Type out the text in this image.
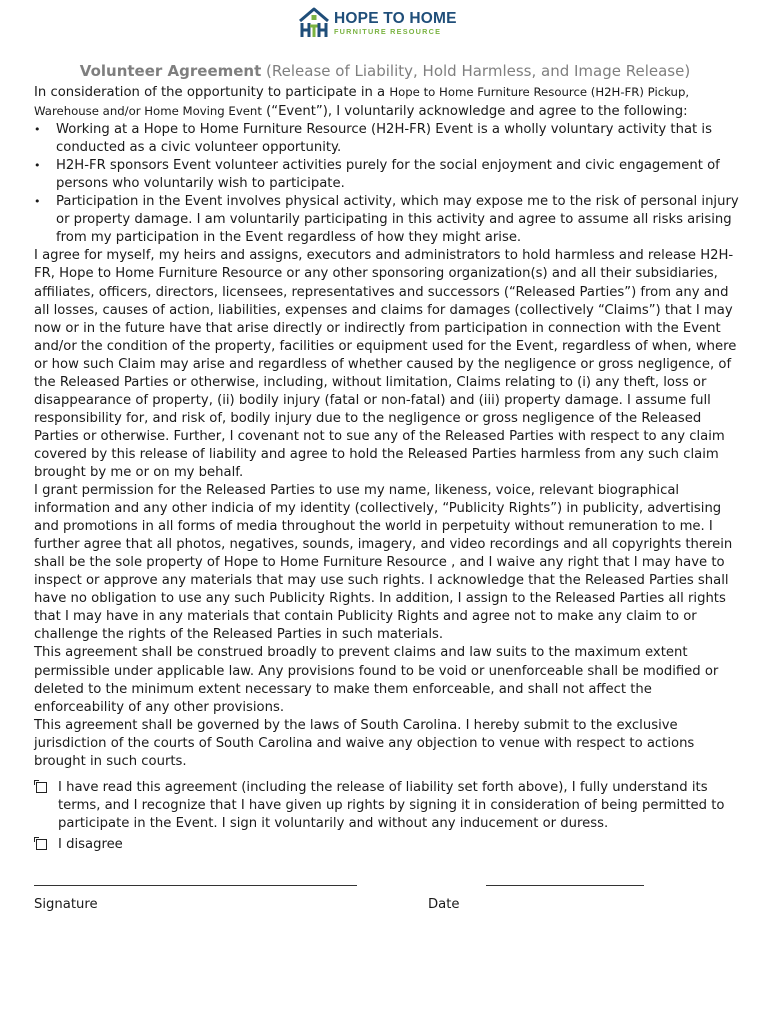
HOPE TO HOME
FURNITURE RESOURCE
Volunteer Agreement (Release of Liability, Hold Harmless, and Image Release)

In consideration of the opportunity to participate in a Hope to Home Furniture Resource (H2H-FR) Pickup, Warehouse and/or Home Moving Event (“Event”), I voluntarily acknowledge and agree to the following:

• Working at a Hope to Home Furniture Resource (H2H-FR) Event is a wholly voluntary activity that is conducted as a civic volunteer opportunity.
• H2H-FR sponsors Event volunteer activities purely for the social enjoyment and civic engagement of persons who voluntarily wish to participate.
• Participation in the Event involves physical activity, which may expose me to the risk of personal injury or property damage. I am voluntarily participating in this activity and agree to assume all risks arising from my participation in the Event regardless of how they might arise.

I agree for myself, my heirs and assigns, executors and administrators to hold harmless and release H2H-FR, Hope to Home Furniture Resource or any other sponsoring organization(s) and all their subsidiaries, affiliates, officers, directors, licensees, representatives and successors (“Released Parties”) from any and all losses, causes of action, liabilities, expenses and claims for damages (collectively “Claims”) that I may now or in the future have that arise directly or indirectly from participation in connection with the Event and/or the condition of the property, facilities or equipment used for the Event, regardless of when, where or how such Claim may arise and regardless of whether caused by the negligence or gross negligence, of the Released Parties or otherwise, including, without limitation, Claims relating to (i) any theft, loss or disappearance of property, (ii) bodily injury (fatal or non-fatal) and (iii) property damage. I assume full responsibility for, and risk of, bodily injury due to the negligence or gross negligence of the Released Parties or otherwise. Further, I covenant not to sue any of the Released Parties with respect to any claim covered by this release of liability and agree to hold the Released Parties harmless from any such claim brought by me or on my behalf.

I grant permission for the Released Parties to use my name, likeness, voice, relevant biographical information and any other indicia of my identity (collectively, “Publicity Rights”) in publicity, advertising and promotions in all forms of media throughout the world in perpetuity without remuneration to me. I further agree that all photos, negatives, sounds, imagery, and video recordings and all copyrights therein shall be the sole property of Hope to Home Furniture Resource , and I waive any right that I may have to inspect or approve any materials that may use such rights. I acknowledge that the Released Parties shall have no obligation to use any such Publicity Rights. In addition, I assign to the Released Parties all rights that I may have in any materials that contain Publicity Rights and agree not to make any claim to or challenge the rights of the Released Parties in such materials.

This agreement shall be construed broadly to prevent claims and law suits to the maximum extent permissible under applicable law. Any provisions found to be void or unenforceable shall be modified or deleted to the minimum extent necessary to make them enforceable, and shall not affect the enforceability of any other provisions.

This agreement shall be governed by the laws of South Carolina. I hereby submit to the exclusive jurisdiction of the courts of South Carolina and waive any objection to venue with respect to actions brought in such courts.

I have read this agreement (including the release of liability set forth above), I fully understand its terms, and I recognize that I have given up rights by signing it in consideration of being permitted to participate in the Event. I sign it voluntarily and without any inducement or duress.
I disagree
Signature	Date
